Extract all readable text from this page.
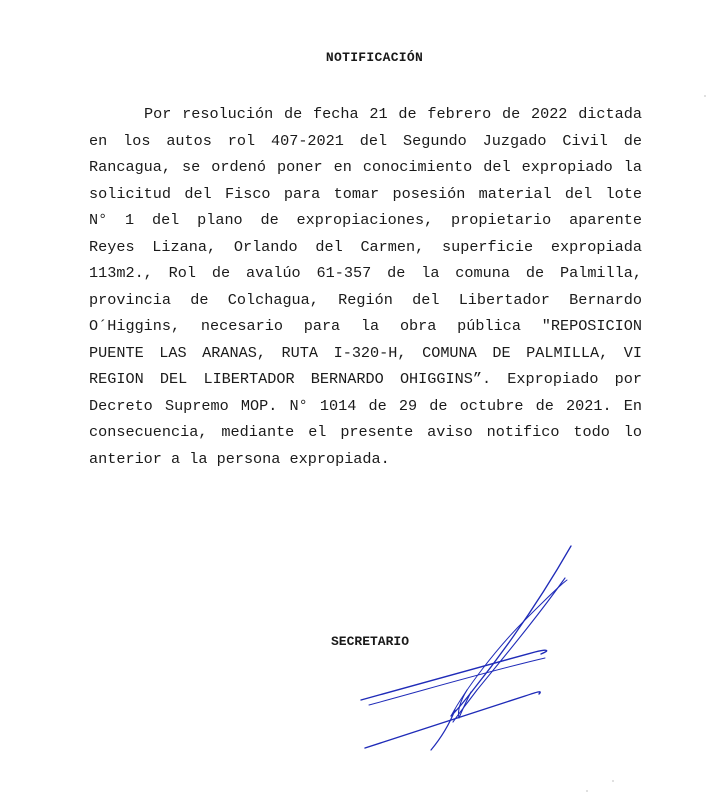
NOTIFICACIÓN
Por resolución de fecha 21 de febrero de 2022 dictada
en los autos rol 407-2021 del Segundo Juzgado Civil de
Rancagua, se ordenó poner en conocimiento del expropiado la
solicitud del Fisco para tomar posesión material del lote
N° 1 del plano de expropiaciones, propietario aparente
Reyes Lizana, Orlando del Carmen, superficie expropiada
113m2., Rol de avalúo 61-357 de la comuna de Palmilla,
provincia de Colchagua, Región del Libertador Bernardo
O´Higgins, necesario para la obra pública "REPOSICION
PUENTE LAS ARANAS, RUTA I-320-H, COMUNA DE PALMILLA, VI
REGION DEL LIBERTADOR BERNARDO OHIGGINS”. Expropiado por
Decreto Supremo MOP. N° 1014 de 29 de octubre de 2021. En
consecuencia, mediante el presente aviso notifico todo lo
anterior a la persona expropiada.
SECRETARIO
